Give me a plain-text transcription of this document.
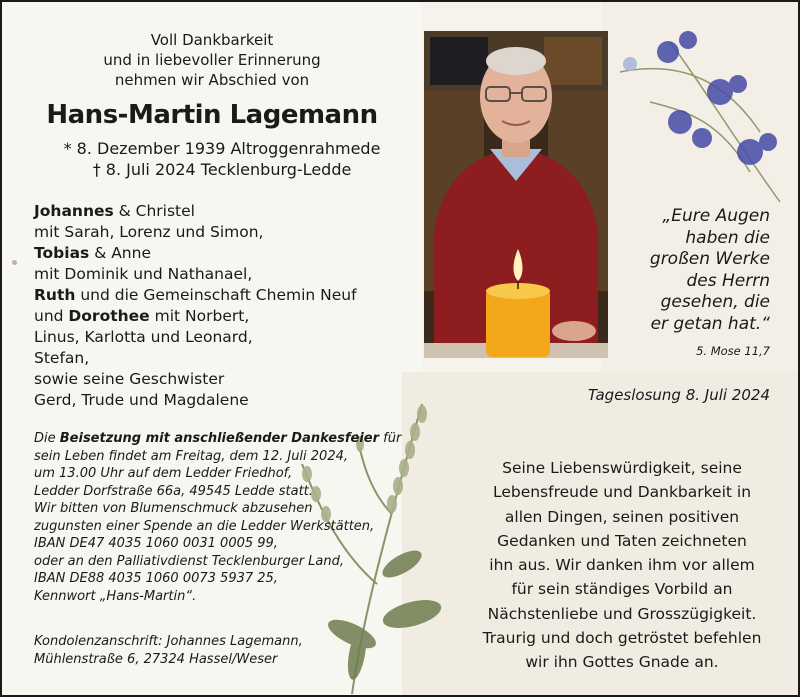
Voll Dankbarkeit
und in liebevoller Erinnerung
nehmen wir Abschied von
Hans-Martin Lagemann
* 8. Dezember 1939 Altroggenrahmede
† 8. Juli 2024 Tecklenburg-Ledde
Johannes & Christel
mit Sarah, Lorenz und Simon,
Tobias & Anne
mit Dominik und Nathanael,
Ruth und die Gemeinschaft Chemin Neuf
und Dorothee mit Norbert,
Linus, Karlotta und Leonard,
Stefan,
sowie seine Geschwister
Gerd, Trude und Magdalene
Die Beisetzung mit anschließender Dankesfeier für
sein Leben findet am Freitag, dem 12. Juli 2024,
um 13.00 Uhr auf dem Ledder Friedhof,
Ledder Dorfstraße 66a, 49545 Ledde statt.
Wir bitten von Blumenschmuck abzusehen
zugunsten einer Spende an die Ledder Werkstätten,
IBAN DE47 4035 1060 0031 0005 99,
oder an den Palliativdienst Tecklenburger Land,
IBAN DE88 4035 1060 0073 5937 25,
Kennwort „Hans-Martin“.
Kondolenzanschrift: Johannes Lagemann,
Mühlenstraße 6, 27324 Hassel/Weser
„Eure Augen
haben die
großen Werke
des Herrn
gesehen, die
er getan hat.“
5. Mose 11,7
Tageslosung 8. Juli 2024
Seine Liebenswürdigkeit, seine
Lebensfreude und Dankbarkeit in
allen Dingen, seinen positiven
Gedanken und Taten zeichneten
ihn aus. Wir danken ihm vor allem
für sein ständiges Vorbild an
Nächstenliebe und Grosszügigkeit.
Traurig und doch getröstet befehlen
wir ihn Gottes Gnade an.
